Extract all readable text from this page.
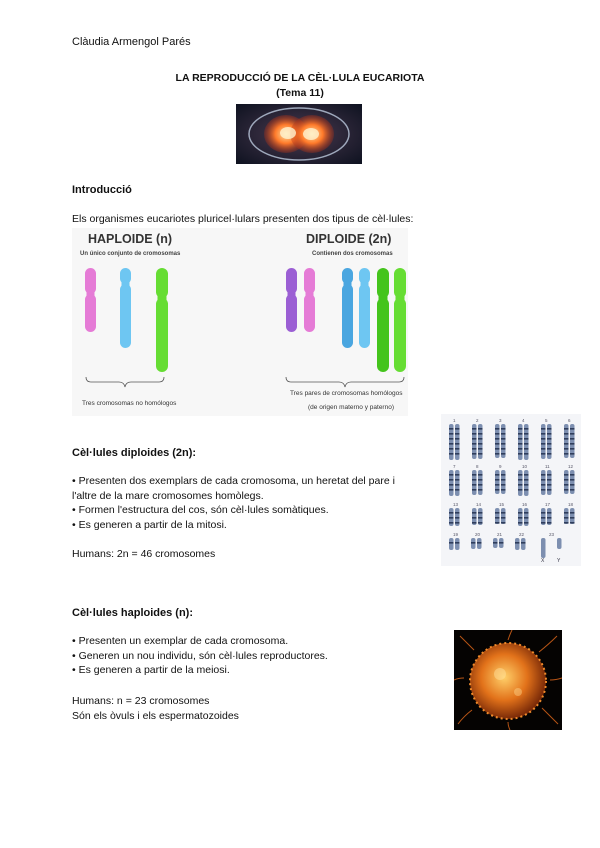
Clàudia Armengol Parés
LA REPRODUCCIÓ DE LA CÈL·LULA EUCARIOTA
(Tema 11)
Introducció
Els organismes eucariotes pluricel·lulars presenten dos tipus de cèl·lules:
HAPLOIDE (n)
Un único conjunto de cromosomas
DIPLOIDE (2n)
Contienen dos cromosomas
Tres cromosomas no homólogos
Tres pares de cromosomas homólogos
(de origen materno y paterno)
Cèl·lules diploides (2n):
• Presenten dos exemplars de cada cromosoma, un heretat del pare i l'altre de la mare cromosomes homòlegs.
• Formen l'estructura del cos, són cèl·lules somàtiques.
• Es generen a partir de la mitosi.
Humans: 2n = 46 cromosomes
1	2	3	4	5	6
7	8	9	10	11	12
13	14	15	16	17	18
19	20	21	22	23
X	Y
Cèl·lules haploides (n):
• Presenten un exemplar de cada cromosoma.
• Generen un nou individu, són cèl·lules reproductores.
• Es generen a partir de la meiosi.
Humans: n = 23 cromosomes
Són els òvuls i els espermatozoides
